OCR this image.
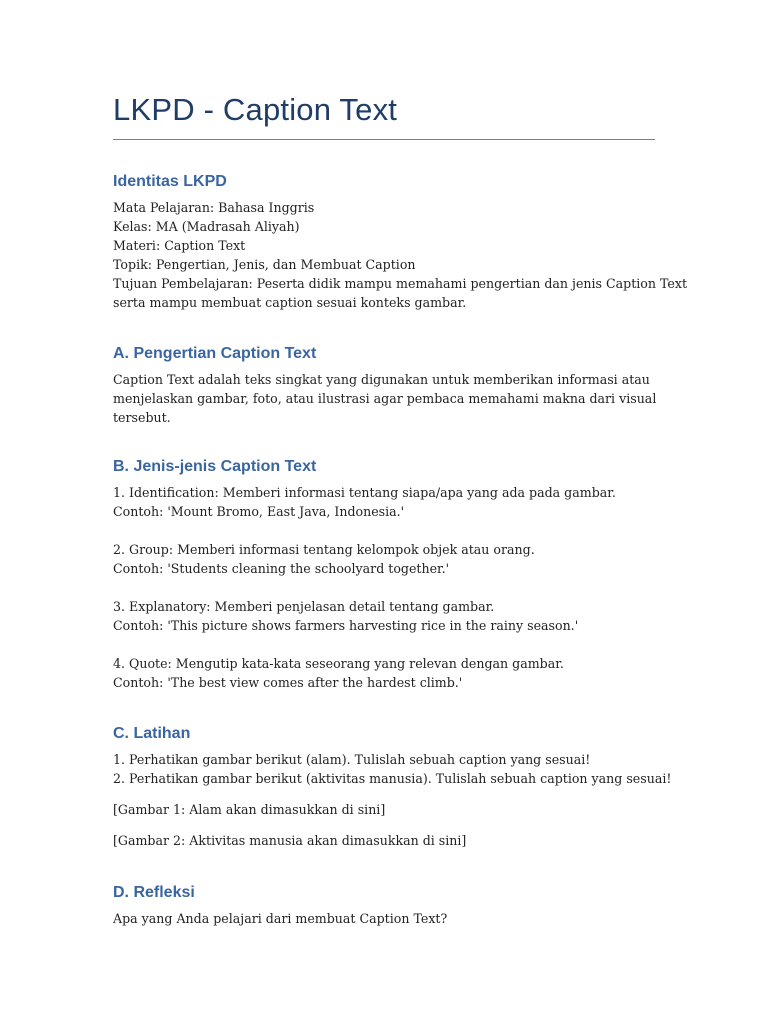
LKPD - Caption Text
Identitas LKPD

Mata Pelajaran: Bahasa Inggris

Kelas: MA (Madrasah Aliyah)

Materi: Caption Text

Topik: Pengertian, Jenis, dan Membuat Caption

Tujuan Pembelajaran: Peserta didik mampu memahami pengertian dan jenis Caption Text

serta mampu membuat caption sesuai konteks gambar.

A. Pengertian Caption Text

Caption Text adalah teks singkat yang digunakan untuk memberikan informasi atau

menjelaskan gambar, foto, atau ilustrasi agar pembaca memahami makna dari visual

tersebut.

B. Jenis-jenis Caption Text

1. Identification: Memberi informasi tentang siapa/apa yang ada pada gambar.

Contoh: 'Mount Bromo, East Java, Indonesia.'

2. Group: Memberi informasi tentang kelompok objek atau orang.

Contoh: 'Students cleaning the schoolyard together.'

3. Explanatory: Memberi penjelasan detail tentang gambar.

Contoh: 'This picture shows farmers harvesting rice in the rainy season.'

4. Quote: Mengutip kata-kata seseorang yang relevan dengan gambar.

Contoh: 'The best view comes after the hardest climb.'

C. Latihan

1. Perhatikan gambar berikut (alam). Tulislah sebuah caption yang sesuai!

2. Perhatikan gambar berikut (aktivitas manusia). Tulislah sebuah caption yang sesuai!

[Gambar 1: Alam akan dimasukkan di sini]

[Gambar 2: Aktivitas manusia akan dimasukkan di sini]

D. Refleksi

Apa yang Anda pelajari dari membuat Caption Text?
